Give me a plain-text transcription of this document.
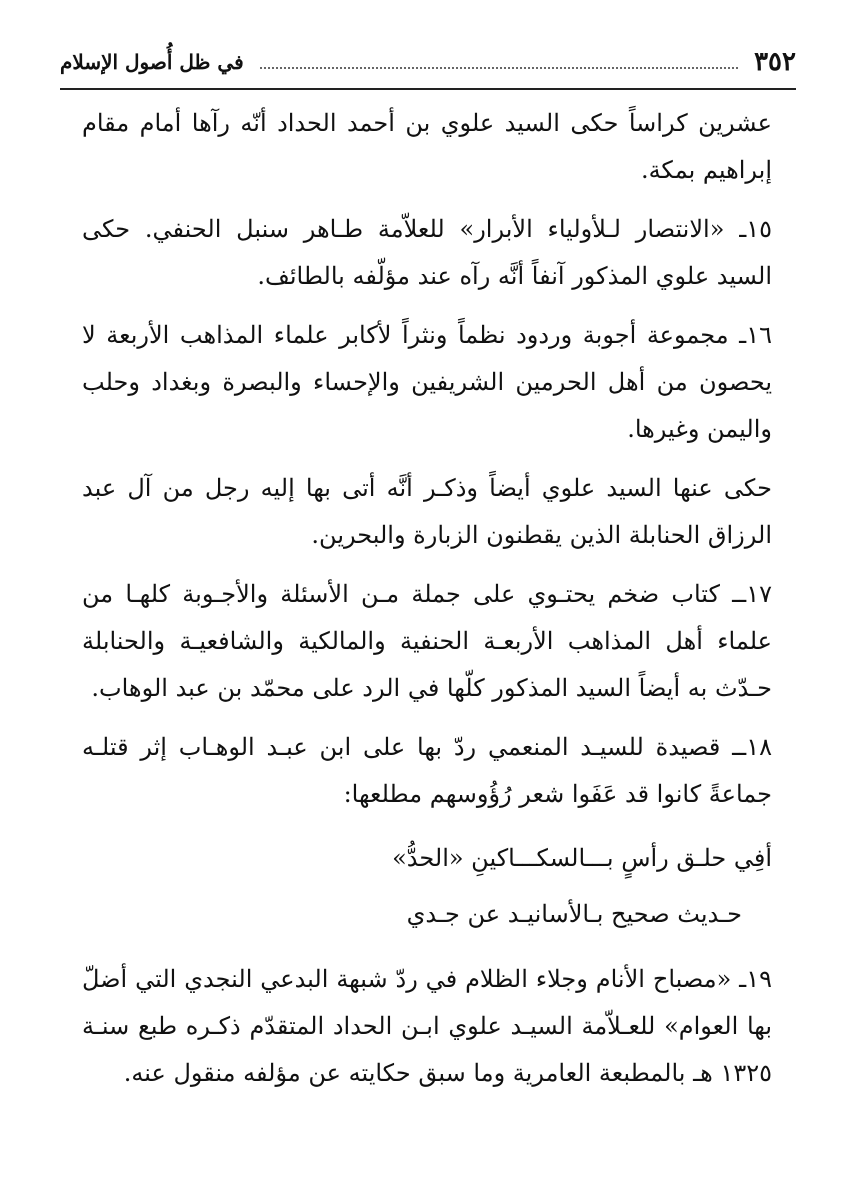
٣٥٢
في ظل أُصول الإسلام

عشرين كراساً حكى السيد علوي بن أحمد الحداد أنّه رآها أمام مقام إبراهيم بمكة.

١٥ـ «الانتصار لـلأولياء الأبرار» للعلاّمة طـاهر سنبل الحنفي. حكى السيد علوي المذكور آنفاً أنَّه رآه عند مؤلّفه بالطائف.

١٦ـ مجموعة أجوبة وردود نظماً ونثراً لأكابر علماء المذاهب الأربعة لا يحصون من أهل الحرمين الشريفين والإحساء والبصرة وبغداد وحلب واليمن وغيرها.

حكى عنها السيد علوي أيضاً وذكـر أنَّه أتى بها إليه رجل من آل عبد الرزاق الحنابلة الذين يقطنون الزبارة والبحرين.

١٧ــ كتاب ضخم يحتـوي على جملة مـن الأسئلة والأجـوبة كلهـا من علماء أهل المذاهب الأربعـة الحنفية والمالكية والشافعيـة والحنابلة حـدّث به أيضاً السيد المذكور كلّها في الرد على محمّد بن عبد الوهاب.

١٨ــ قصيدة للسيـد المنعمي ردّ بها على ابن عبـد الوهـاب إثر قتلـه جماعةً كانوا قد عَفَوا شعر رُؤُوسهم مطلعها:

أفِي حلـق رأسٍ بـــالسكـــاكينِ «الحدُّ»
حـديث صحيح بـالأسانيـد عن جـدي

١٩ـ «مصباح الأنام وجلاء الظلام في ردّ شبهة البدعي النجدي التي أضلّ بها العوام» للعـلاّمة السيـد علوي ابـن الحداد المتقدّم ذكـره طبع سنـة ١٣٢٥ هـ بالمطبعة العامرية وما سبق حكايته عن مؤلفه منقول عنه.
